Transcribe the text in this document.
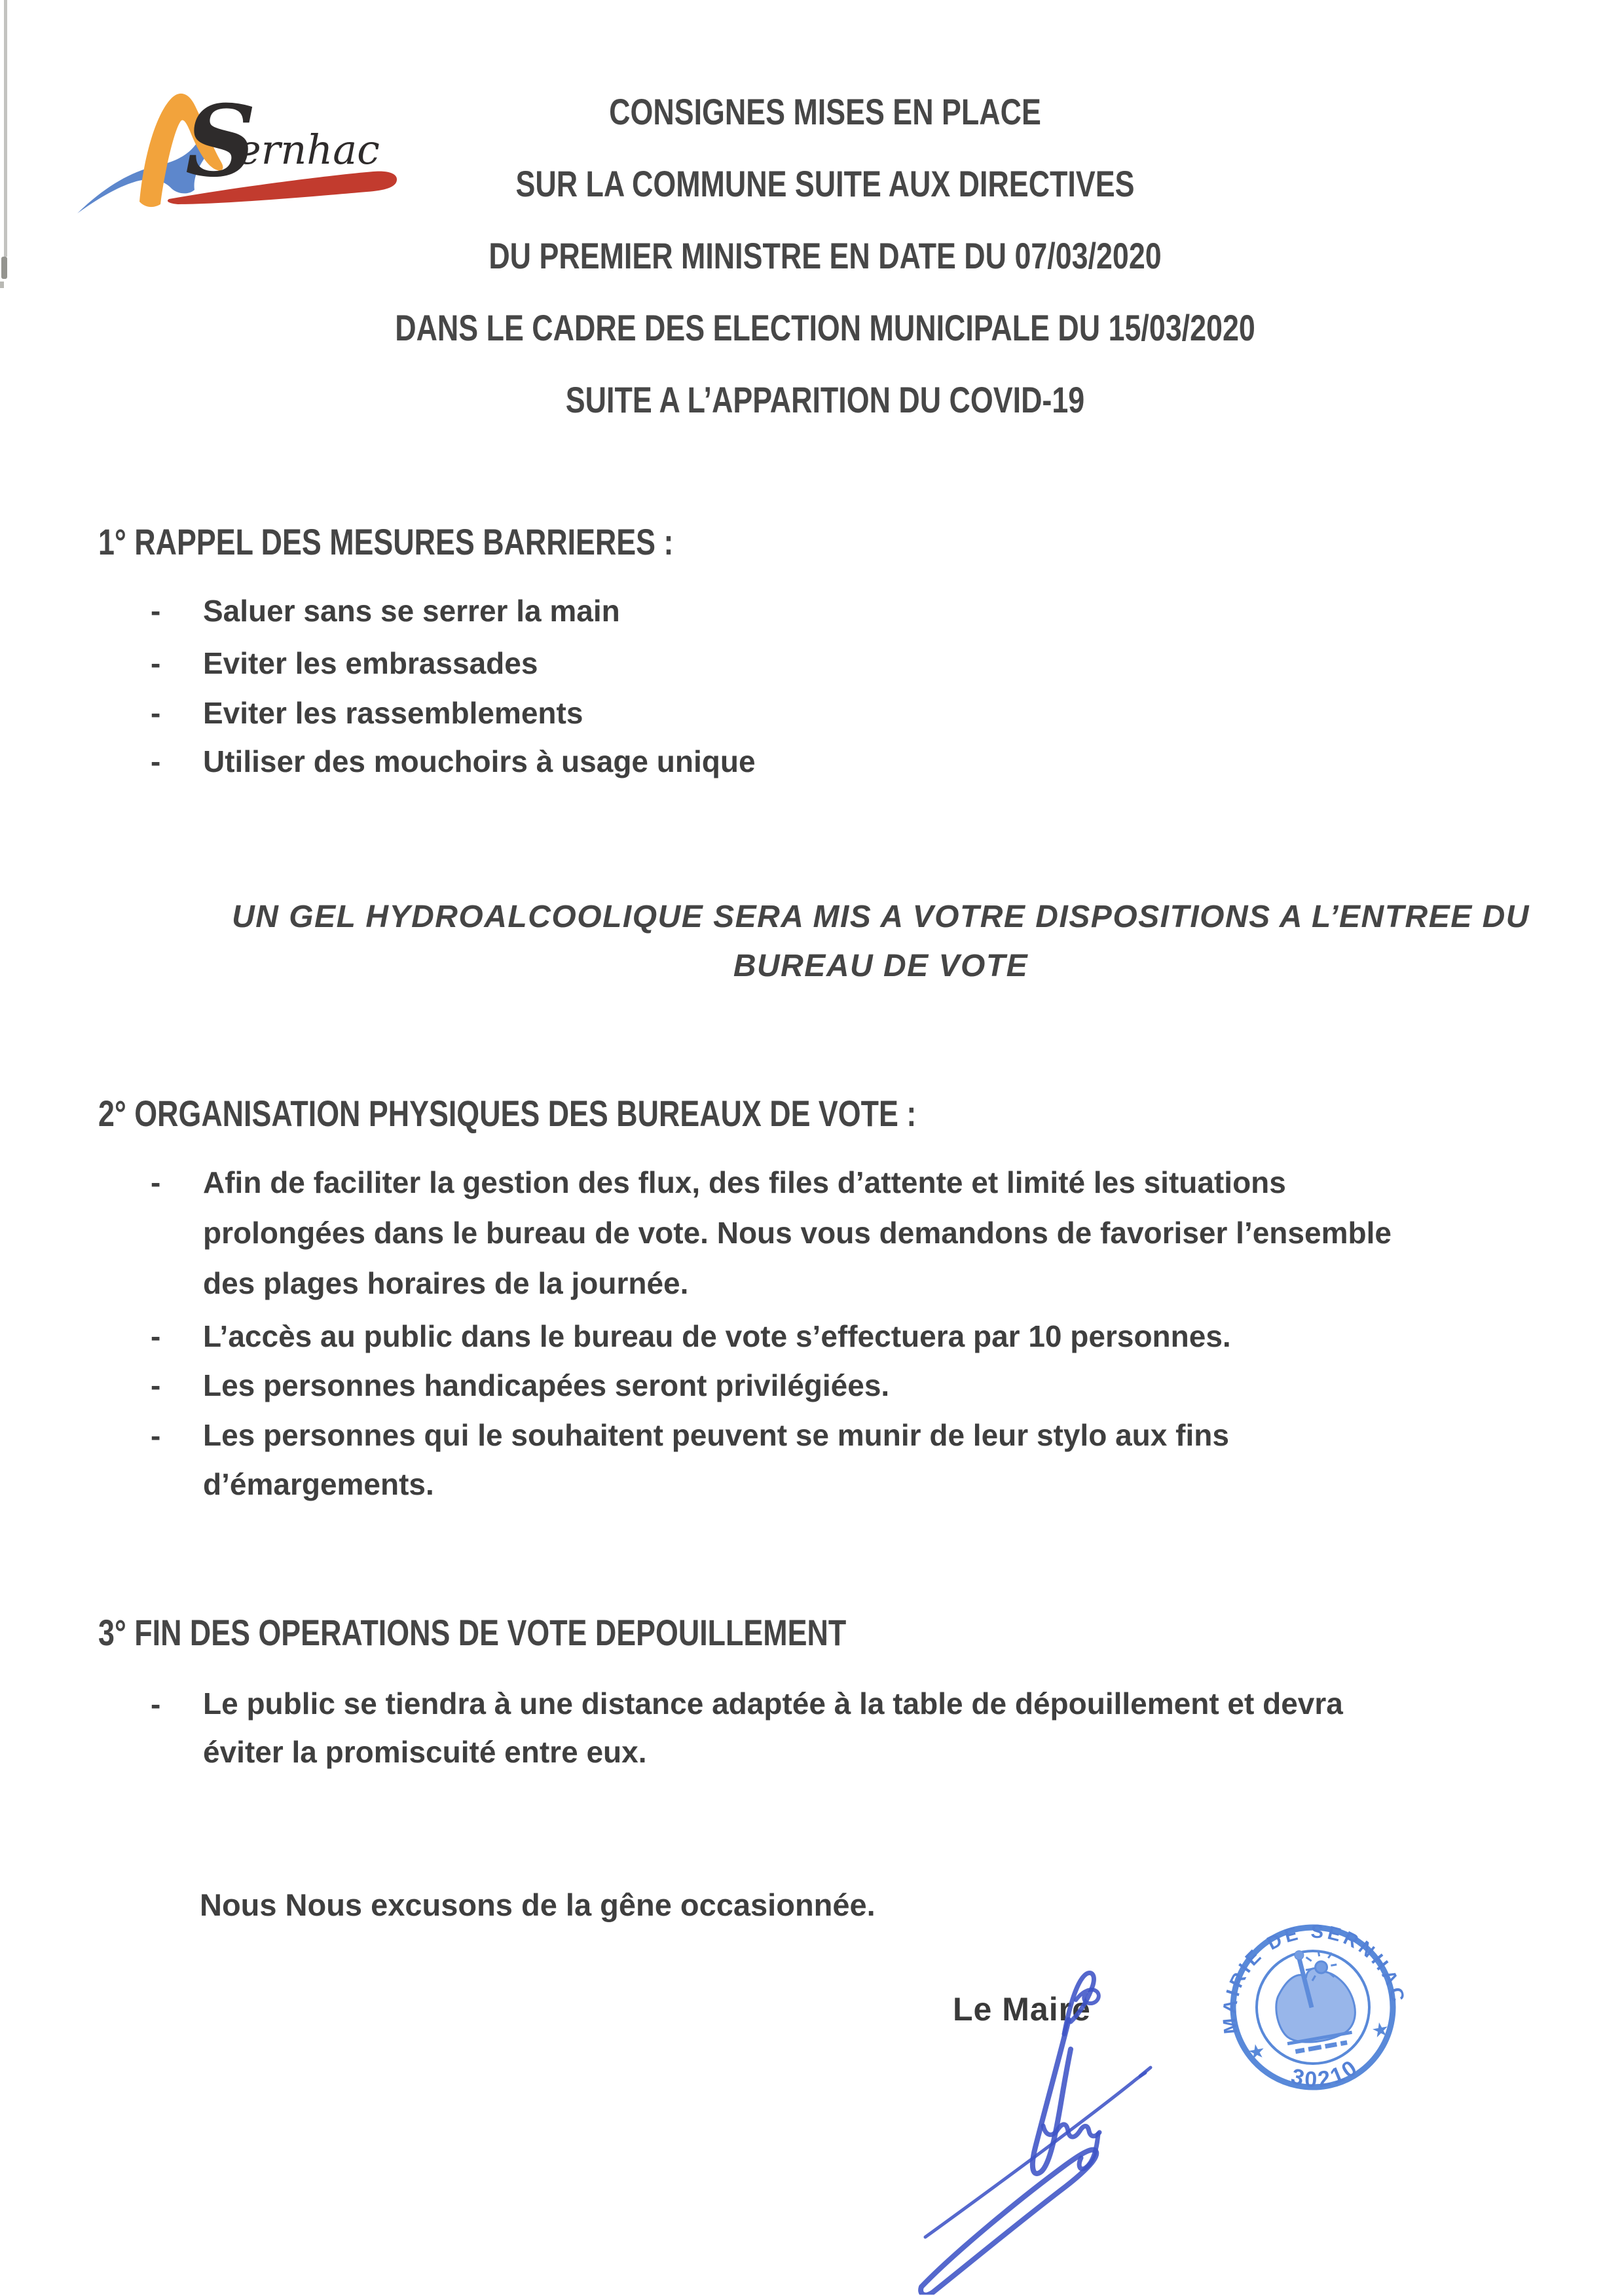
S
ernhac
CONSIGNES MISES EN PLACE
SUR LA COMMUNE SUITE AUX DIRECTIVES
DU PREMIER MINISTRE EN DATE DU 07/03/2020
DANS LE CADRE DES ELECTION MUNICIPALE DU 15/03/2020
SUITE A L’APPARITION DU COVID-19
1° RAPPEL DES MESURES BARRIERES :
-	Saluer sans se serrer la main
-	Eviter les embrassades
-	Eviter les rassemblements
-	Utiliser des mouchoirs à usage unique
UN GEL HYDROALCOOLIQUE SERA MIS A VOTRE DISPOSITIONS A L’ENTREE DU
BUREAU DE VOTE
2° ORGANISATION PHYSIQUES DES BUREAUX DE VOTE :
-	Afin de faciliter la gestion des flux, des files d’attente et limité les situations
prolongées dans le bureau de vote. Nous vous demandons de favoriser l’ensemble
des plages horaires de la journée.
-	L’accès au public dans le bureau de vote s’effectuera par 10 personnes.
-	Les personnes handicapées seront privilégiées.
-	Les personnes qui le souhaitent peuvent se munir de leur stylo aux fins
d’émargements.
3° FIN DES OPERATIONS DE VOTE DEPOUILLEMENT
-	Le public se tiendra à une distance adaptée à la table de dépouillement et devra
éviter la promiscuité entre eux.
Nous Nous excusons de la gêne occasionnée.
Le Maire	MAIRIE DE SERNHAC
30210
★
★
